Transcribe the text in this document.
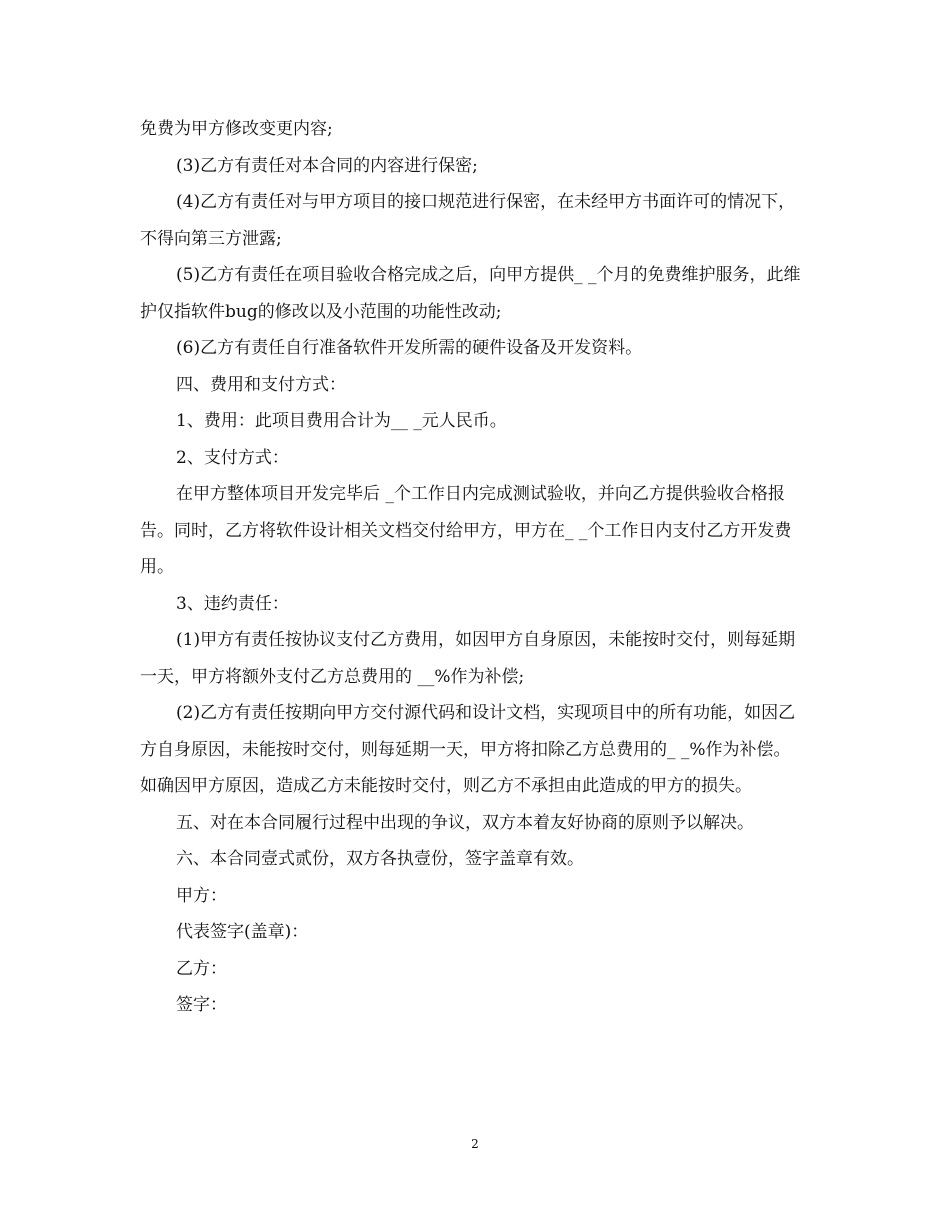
免费为甲方修改变更内容;

(3)乙方有责任对本合同的内容进行保密;

(4)乙方有责任对与甲方项目的接口规范进行保密，在未经甲方书面许可的情况下，不得向第三方泄露;

(5)乙方有责任在项目验收合格完成之后，向甲方提供_ _个月的免费维护服务，此维护仅指软件bug的修改以及小范围的功能性改动;

(6)乙方有责任自行准备软件开发所需的硬件设备及开发资料。

四、费用和支付方式：

1、费用：此项目费用合计为__ _元人民币。

2、支付方式：

在甲方整体项目开发完毕后 _个工作日内完成测试验收，并向乙方提供验收合格报告。同时，乙方将软件设计相关文档交付给甲方，甲方在_ _个工作日内支付乙方开发费用。

3、违约责任：

(1)甲方有责任按协议支付乙方费用，如因甲方自身原因，未能按时交付，则每延期一天，甲方将额外支付乙方总费用的 __%作为补偿;

(2)乙方有责任按期向甲方交付源代码和设计文档，实现项目中的所有功能，如因乙方自身原因，未能按时交付，则每延期一天，甲方将扣除乙方总费用的_ _%作为补偿。 如确因甲方原因，造成乙方未能按时交付，则乙方不承担由此造成的甲方的损失。

五、对在本合同履行过程中出现的争议，双方本着友好协商的原则予以解决。

六、本合同壹式贰份，双方各执壹份，签字盖章有效。

甲方：

代表签字(盖章)：

乙方：

签字：

2
